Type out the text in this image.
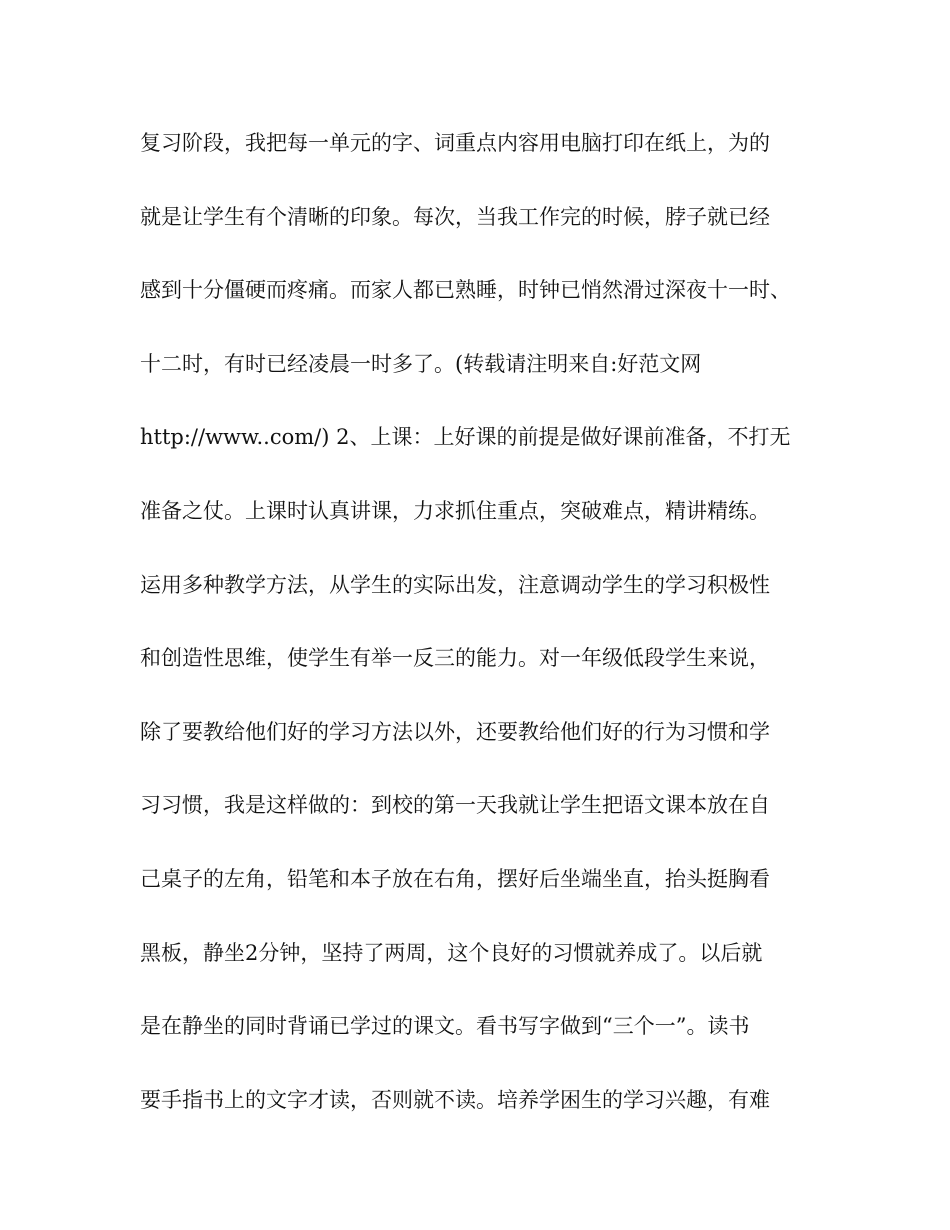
复习阶段，我把每一单元的字、词重点内容用电脑打印在纸上，为的
就是让学生有个清晰的印象。每次，当我工作完的时候，脖子就已经
感到十分僵硬而疼痛。而家人都已熟睡，时钟已悄然滑过深夜十一时、
十二时，有时已经凌晨一时多了。(转载请注明来自:好范文网
http://www..com/) 2、上课：上好课的前提是做好课前准备，不打无
准备之仗。上课时认真讲课，力求抓住重点，突破难点，精讲精练。
运用多种教学方法，从学生的实际出发，注意调动学生的学习积极性
和创造性思维，使学生有举一反三的能力。对一年级低段学生来说，
除了要教给他们好的学习方法以外，还要教给他们好的行为习惯和学
习习惯，我是这样做的：到校的第一天我就让学生把语文课本放在自
己桌子的左角，铅笔和本子放在右角，摆好后坐端坐直，抬头挺胸看
黑板，静坐2分钟，坚持了两周，这个良好的习惯就养成了。以后就
是在静坐的同时背诵已学过的课文。看书写字做到“三个一”。读书
要手指书上的文字才读，否则就不读。培养学困生的学习兴趣，有难
